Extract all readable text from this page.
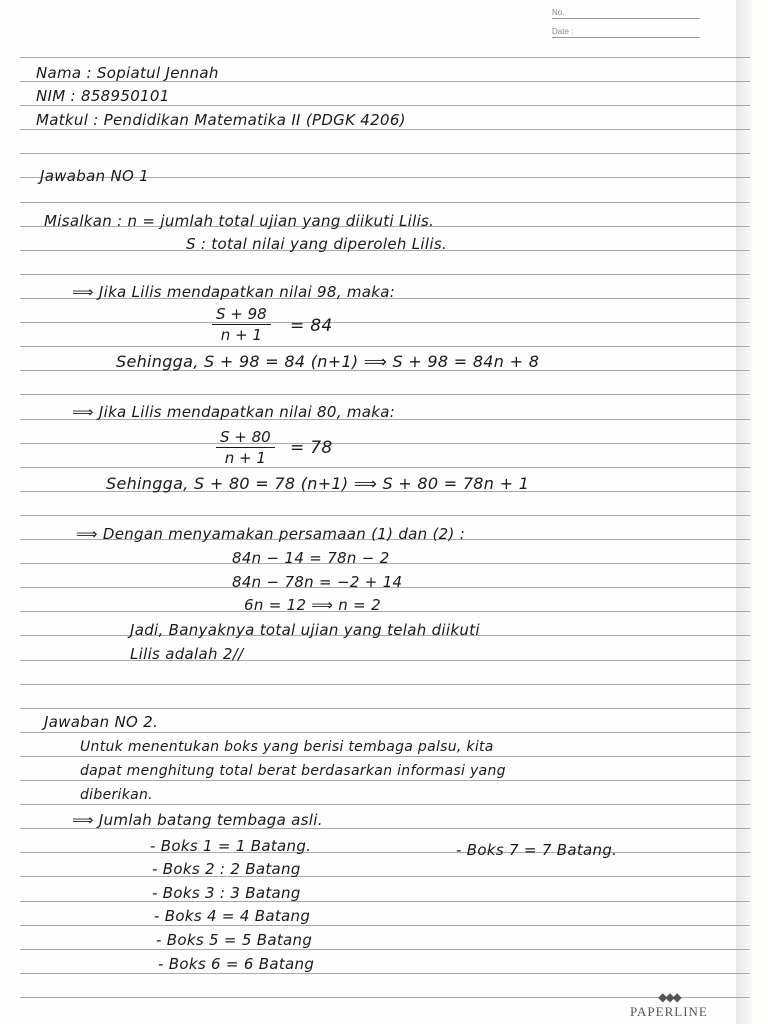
No.
Date :
Nama : Sopiatul Jennah
NIM : 858950101
Matkul : Pendidikan Matematika II (PDGK 4206)
Jawaban NO 1
Misalkan : n = jumlah total ujian yang diikuti Lilis.
S : total nilai yang diperoleh Lilis.
⟹ Jika Lilis mendapatkan nilai 98, maka:
$\frac{S + 98}{n + 1} = 84$
Sehingga, S + 98 = 84 (n+1) ⟹ S + 98 = 84n + 8
⟹ Jika Lilis mendapatkan nilai 80, maka:
$\frac{S + 80}{n + 1} = 78$
Sehingga, S + 80 = 78 (n+1) ⟹ S + 80 = 78n + 1
⟹ Dengan menyamakan persamaan (1) dan (2) :
84n − 14 = 78n − 2
84n − 78n = −2 + 14
6n = 12 ⟹ n = 2
Jadi, Banyaknya total ujian yang telah diikuti
Lilis adalah 2//
Jawaban NO 2.
Untuk menentukan boks yang berisi tembaga palsu, kita
dapat menghitung total berat berdasarkan informasi yang
diberikan.
⟹ Jumlah batang tembaga asli.
- Boks 1 = 1 Batang.
- Boks 2 : 2 Batang
- Boks 3 : 3 Batang
- Boks 4 = 4 Batang
- Boks 5 = 5 Batang
- Boks 6 = 6 Batang
- Boks 7 = 7 Batang.
◆◆◆
PAPERLINE
